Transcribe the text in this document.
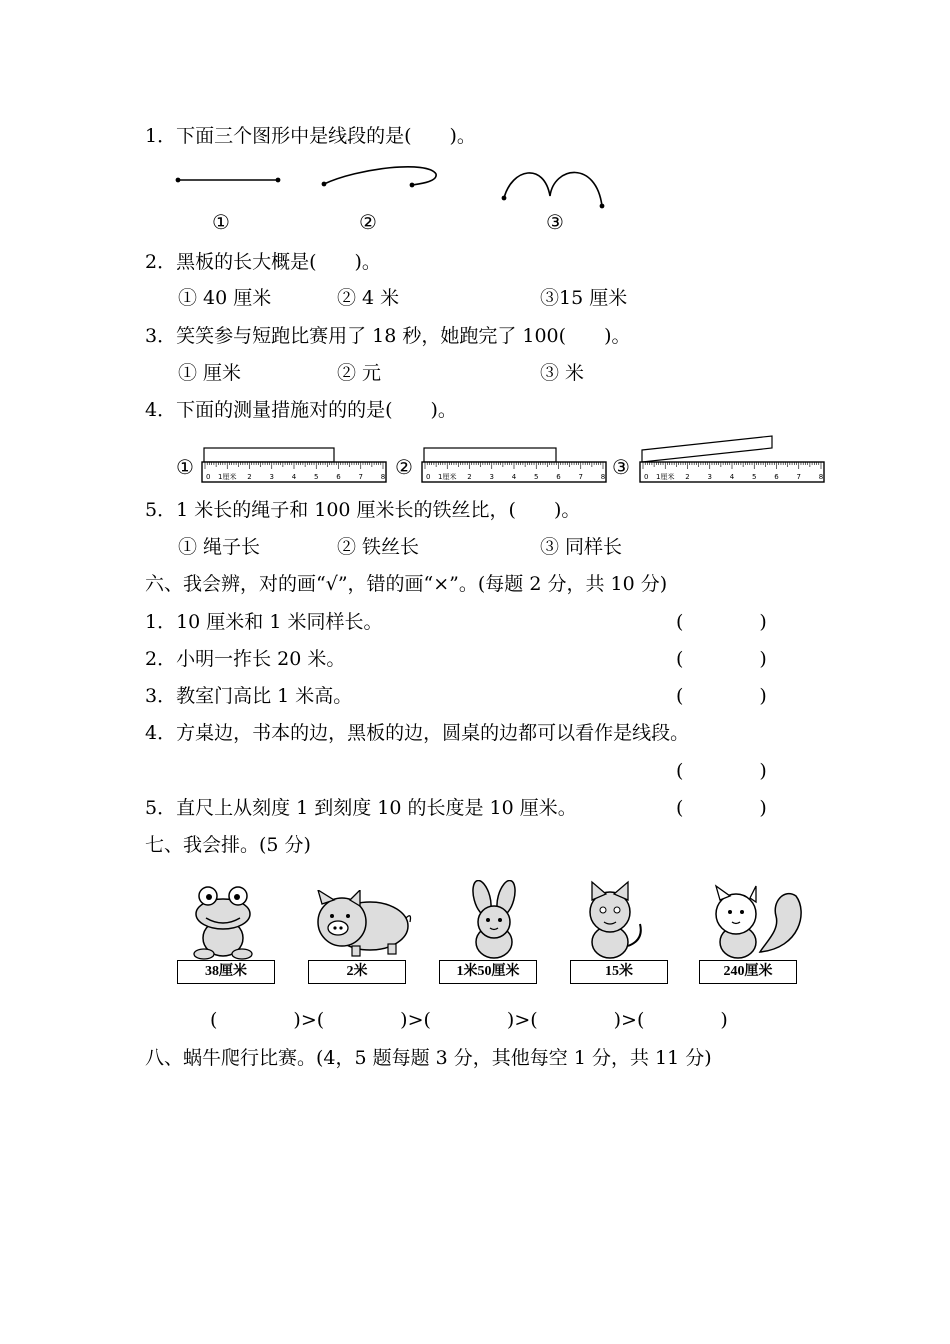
1．下面三个图形中是线段的是(　　)。
①	②	③
2．黑板的长大概是(　　)。
① 40 厘米	② 4 米	③15 厘米
3．笑笑参与短跑比赛用了 18 秒，她跑完了 100(　　)。
① 厘米	② 元	③ 米
4．下面的测量措施对的的是(　　)。
①	②	③
0 1厘米 2	3	4	5	6	7	8	0 1厘米 2	3	4	5	6	7	8	0 1厘米 2	3	4	5	6	7	8
5．1 米长的绳子和 100 厘米长的铁丝比，(　　)。
① 绳子长	② 铁丝长	③ 同样长
六、我会辨，对的画“√”，错的画“×”。(每题 2 分，共 10 分)
1．10 厘米和 1 米同样长。	(　　　　)
2．小明一拃长 20 米。	(　　　　)
3．教室门高比 1 米高。	(　　　　)
4．方桌边，书本的边，黑板的边，圆桌的边都可以看作是线段。
(　　　　)
5．直尺上从刻度 1 到刻度 10 的长度是 10 厘米。	(　　　　)
七、我会排。(5 分)
38厘米	2米	1米50厘米	15米	240厘米
(　　　　)>(　　　　)>(　　　　)>(　　　　)>(　　　　)
八、蜗牛爬行比赛。(4，5 题每题 3 分，其他每空 1 分，共 11 分)
